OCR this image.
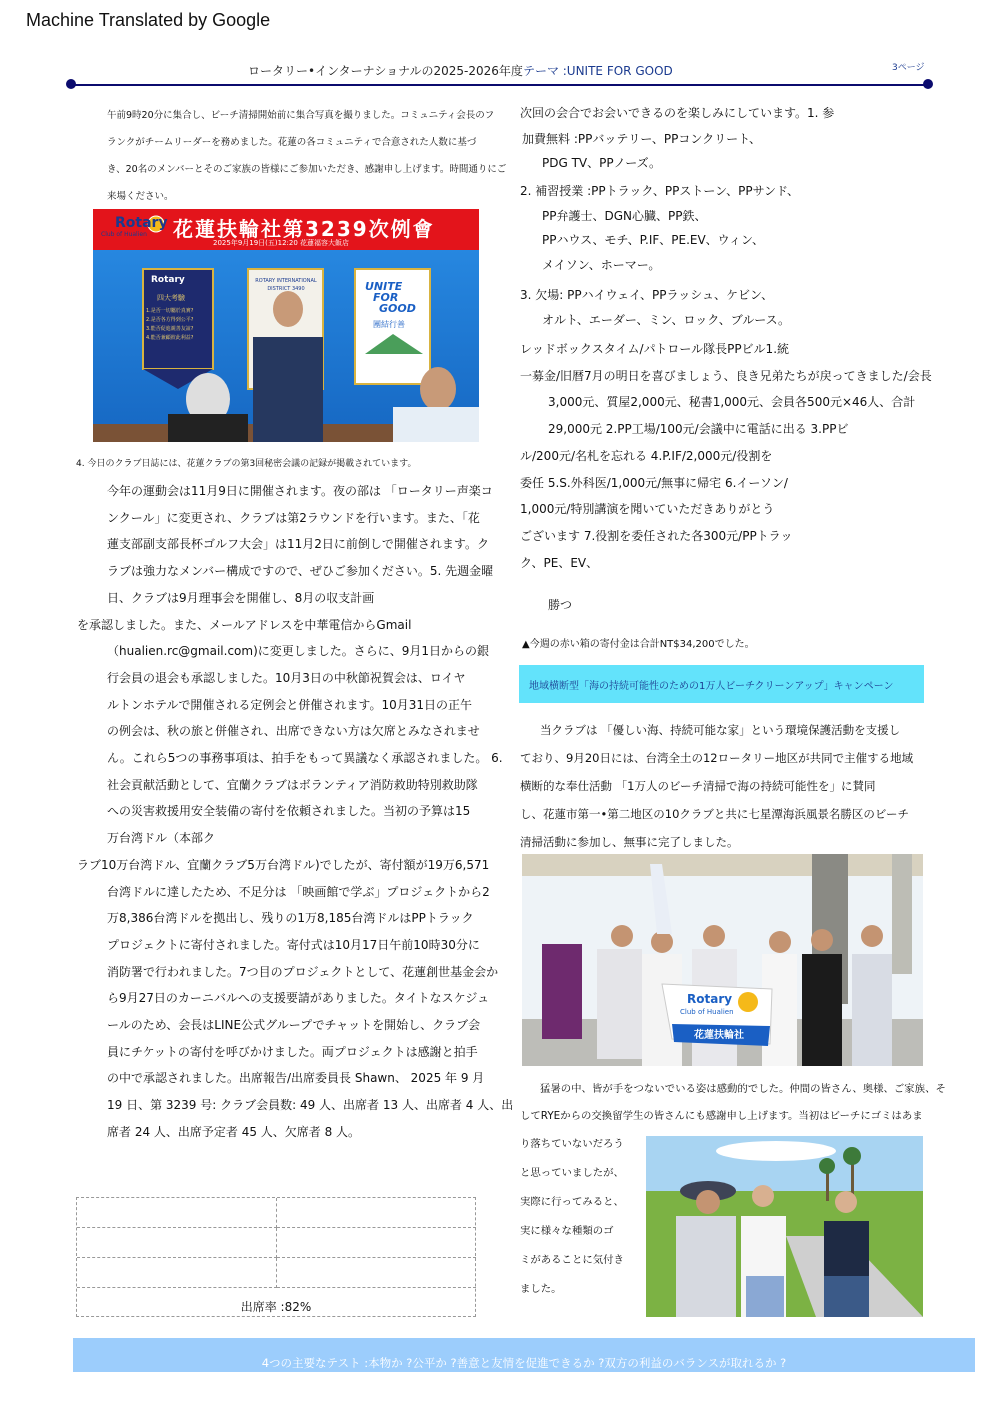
Machine Translated by Google
ロータリー•インターナショナルの2025-2026年度テーマ :UNITE FOR GOOD	3ページ
午前9時20分に集合し、ビーチ清掃開始前に集合写真を撮りました。コミュニティ会長のフ
ランクがチームリーダーを務めました。花蓮の各コミュニティで合意された人数に基づ
き、20名のメンバーとそのご家族の皆様にご参加いただき、感謝申し上げます。時間通りにご
来場ください。
Rotary
Club of Hualien 花蓮扶輪社第3239次例會
2025年9月19日(五)12:20 花蓮福容大飯店
Rotary
四大考驗
1.是否一切屬於真實?
2.是否各方得到公平?
3.能否促進親善友誼?
4.能否兼顧彼此利益?
ROTARY INTERNATIONAL
DISTRICT 3490	UNITE
FOR
GOOD
團結行善
4. 今日のクラブ日誌には、花蓮クラブの第3回秘密会議の記録が掲載されています。
今年の運動会は11月9日に開催されます。夜の部は 「ロータリー声楽コ
ンクール」に変更され、クラブは第2ラウンドを行います。また、「花
蓮支部副支部長杯ゴルフ大会」は11月2日に前倒しで開催されます。ク
ラブは強力なメンバー構成ですので、ぜひご参加ください。5. 先週金曜
日、クラブは9月理事会を開催し、8月の収支計画
を承認しました。また、メールアドレスを中華電信からGmail
（hualien.rc@gmail.com)に変更しました。さらに、9月1日からの銀
行会員の退会も承認しました。10月3日の中秋節祝賀会は、ロイヤ
ルトンホテルで開催される定例会と併催されます。10月31日の正午
の例会は、秋の旅と併催され、出席できない方は欠席とみなされませ
ん。これら5つの事務事項は、拍手をもって異議なく承認されました。 6.
社会貢献活動として、宜蘭クラブはボランティア消防救助特別救助隊
への災害救援用安全装備の寄付を依頼されました。当初の予算は15
万台湾ドル（本部ク
ラブ10万台湾ドル、宜蘭クラブ5万台湾ドル)でしたが、寄付額が19万6,571
台湾ドルに達したため、不足分は 「映画館で学ぶ」プロジェクトから2
万8,386台湾ドルを拠出し、残りの1万8,185台湾ドルはPPトラック
プロジェクトに寄付されました。寄付式は10月17日午前10時30分に
消防署で行われました。7つ目のプロジェクトとして、花蓮創世基金会か
ら9月27日のカーニバルへの支援要請がありました。タイトなスケジュ
ールのため、会長はLINE公式グループでチャットを開始し、クラブ会
員にチケットの寄付を呼びかけました。両プロジェクトは感謝と拍手
の中で承認されました。出席報告/出席委員長 Shawn、 2025 年 9 月
19 日、第 3239 号: クラブ会員数: 49 人、出席者 13 人、出席者 4 人、出
席者 24 人、出席予定者 45 人、欠席者 8 人。
出席率 :82%
次回の会合でお会いできるのを楽しみにしています。1. 参
加費無料 :PPバッテリー、PPコンクリート、
PDG TV、PPノーズ。
2. 補習授業 :PPトラック、PPストーン、PPサンド、
PP弁護士、DGN心臓、PP鉄、
PPハウス、モチ、P.IF、PE.EV、ウィン、
メイソン、ホーマー。
3. 欠場: PPハイウェイ、PPラッシュ、ケビン、
オルト、エーダー、ミン、ロック、ブルース。
レッドボックスタイム/パトロール隊長PPビル1.統
一募金/旧暦7月の明日を喜びましょう、良き兄弟たちが戻ってきました/会長
3,000元、質屋2,000元、秘書1,000元、会員各500元×46人、合計
29,000元 2.PP工場/100元/会議中に電話に出る 3.PPビ
ル/200元/名札を忘れる 4.P.IF/2,000元/役割を
委任 5.S.外科医/1,000元/無事に帰宅 6.イーソン/
1,000元/特別講演を聞いていただきありがとう
ございます 7.役割を委任された各300元/PPトラッ
ク、PE、EV、
勝つ
▲今週の赤い箱の寄付金は合計NT$34,200でした。
地域横断型「海の持続可能性のための1万人ビーチクリーンアップ」キャンペーン
当クラブは 「優しい海、持続可能な家」という環境保護活動を支援し
ており、9月20日には、台湾全土の12ロータリー地区が共同で主催する地域
横断的な奉仕活動 「1万人のビーチ清掃で海の持続可能性を」に賛同
し、花蓮市第一•第二地区の10クラブと共に七星潭海浜風景名勝区のビーチ
清掃活動に参加し、無事に完了しました。
Rotary
Club of Hualien
花蓮扶輪社
猛暑の中、皆が手をつないでいる姿は感動的でした。仲間の皆さん、奥様、ご家族、そ
してRYEからの交換留学生の皆さんにも感謝申し上げます。当初はビーチにゴミはあま
り落ちていないだろう
と思っていましたが、
実際に行ってみると、
実に様々な種類のゴ
ミがあることに気付き
ました。
4つの主要なテスト :本物か ?公平か ?善意と友情を促進できるか ?双方の利益のバランスが取れるか ?
